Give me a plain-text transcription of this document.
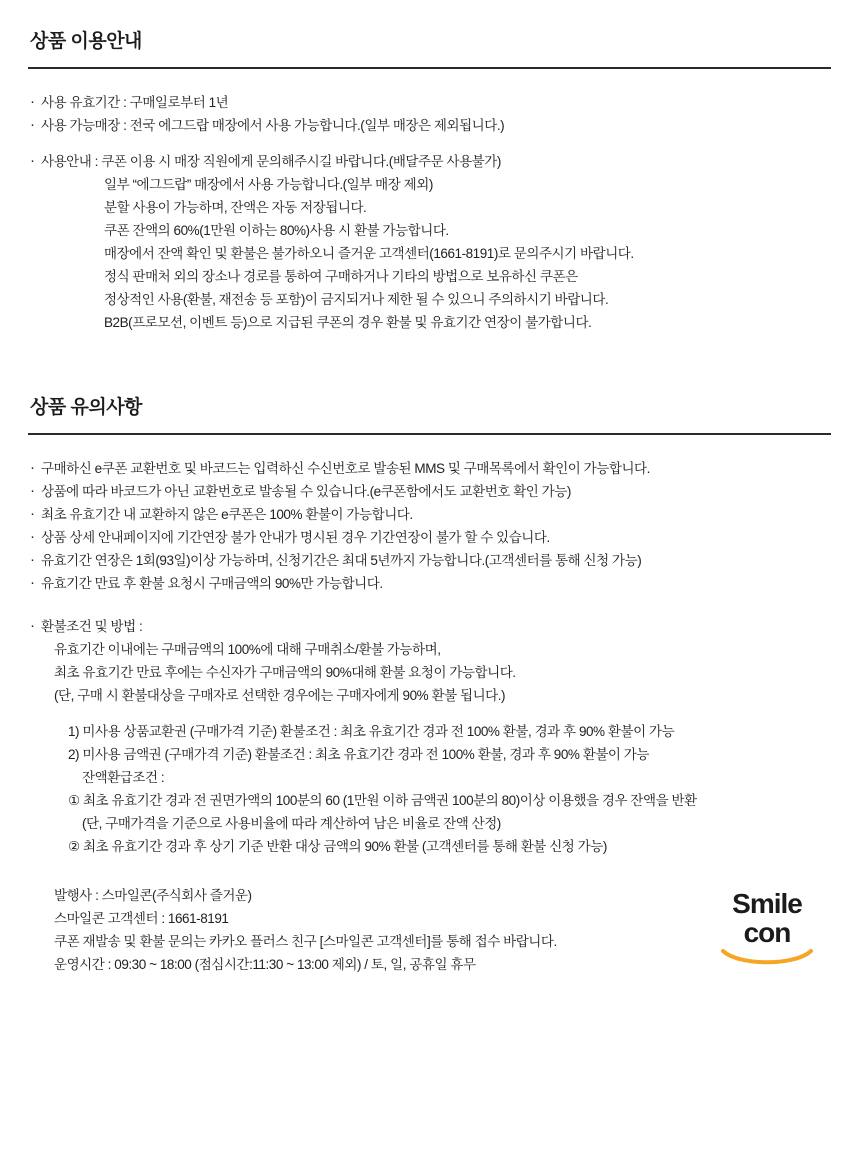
상품 이용안내
· 사용 유효기간 : 구매일로부터 1년
· 사용 가능매장 : 전국 에그드랍 매장에서 사용 가능합니다.(일부 매장은 제외됩니다.)
· 사용안내 : 쿠폰 이용 시 매장 직원에게 문의해주시길 바랍니다.(배달주문 사용불가)
일부 “에그드랍” 매장에서 사용 가능합니다.(일부 매장 제외)
분할 사용이 가능하며, 잔액은 자동 저장됩니다.
쿠폰 잔액의 60%(1만원 이하는 80%)사용 시 환불 가능합니다.
매장에서 잔액 확인 및 환불은 불가하오니 즐거운 고객센터(1661-8191)로 문의주시기 바랍니다.
정식 판매처 외의 장소나 경로를 통하여 구매하거나 기타의 방법으로 보유하신 쿠폰은
정상적인 사용(환불, 재전송 등 포함)이 금지되거나 제한 될 수 있으니 주의하시기 바랍니다.
B2B(프로모션, 이벤트 등)으로 지급된 쿠폰의 경우 환불 및 유효기간 연장이 불가합니다.
상품 유의사항
· 구매하신 e쿠폰 교환번호 및 바코드는 입력하신 수신번호로 발송된 MMS 및 구매목록에서 확인이 가능합니다.
· 상품에 따라 바코드가 아닌 교환번호로 발송될 수 있습니다.(e쿠폰함에서도 교환번호 확인 가능)
· 최초 유효기간 내 교환하지 않은 e쿠폰은 100% 환불이 가능합니다.
· 상품 상세 안내페이지에 기간연장 불가 안내가 명시된 경우 기간연장이 불가 할 수 있습니다.
· 유효기간 연장은 1회(93일)이상 가능하며, 신청기간은 최대 5년까지 가능합니다.(고객센터를 통해 신청 가능)
· 유효기간 만료 후 환불 요청시 구매금액의 90%만 가능합니다.
· 환불조건 및 방법 :
유효기간 이내에는 구매금액의 100%에 대해 구매취소/환불 가능하며,
최초 유효기간 만료 후에는 수신자가 구매금액의 90%대해 환불 요청이 가능합니다.
(단, 구매 시 환불대상을 구매자로 선택한 경우에는 구매자에게 90% 환불 됩니다.)
1) 미사용 상품교환권 (구매가격 기준) 환불조건 : 최초 유효기간 경과 전 100% 환불, 경과 후 90% 환불이 가능
2) 미사용 금액권 (구매가격 기준) 환불조건 : 최초 유효기간 경과 전 100% 환불, 경과 후 90% 환불이 가능
잔액환급조건 :
① 최초 유효기간 경과 전 권면가액의 100분의 60 (1만원 이하 금액권 100분의 80)이상 이용했을 경우 잔액을 반환
(단, 구매가격을 기준으로 사용비율에 따라 계산하여 남은 비율로 잔액 산정)
② 최초 유효기간 경과 후 상기 기준 반환 대상 금액의 90% 환불 (고객센터를 통해 환불 신청 가능)
발행사 : 스마일콘(주식회사 즐거운)
스마일콘 고객센터 : 1661-8191
쿠폰 재발송 및 환불 문의는 카카오 플러스 친구 [스마일콘 고객센터]를 통해 접수 바랍니다.
운영시간 : 09:30 ~ 18:00 (점심시간:11:30 ~ 13:00 제외) / 토, 일, 공휴일 휴무
Smile
con
